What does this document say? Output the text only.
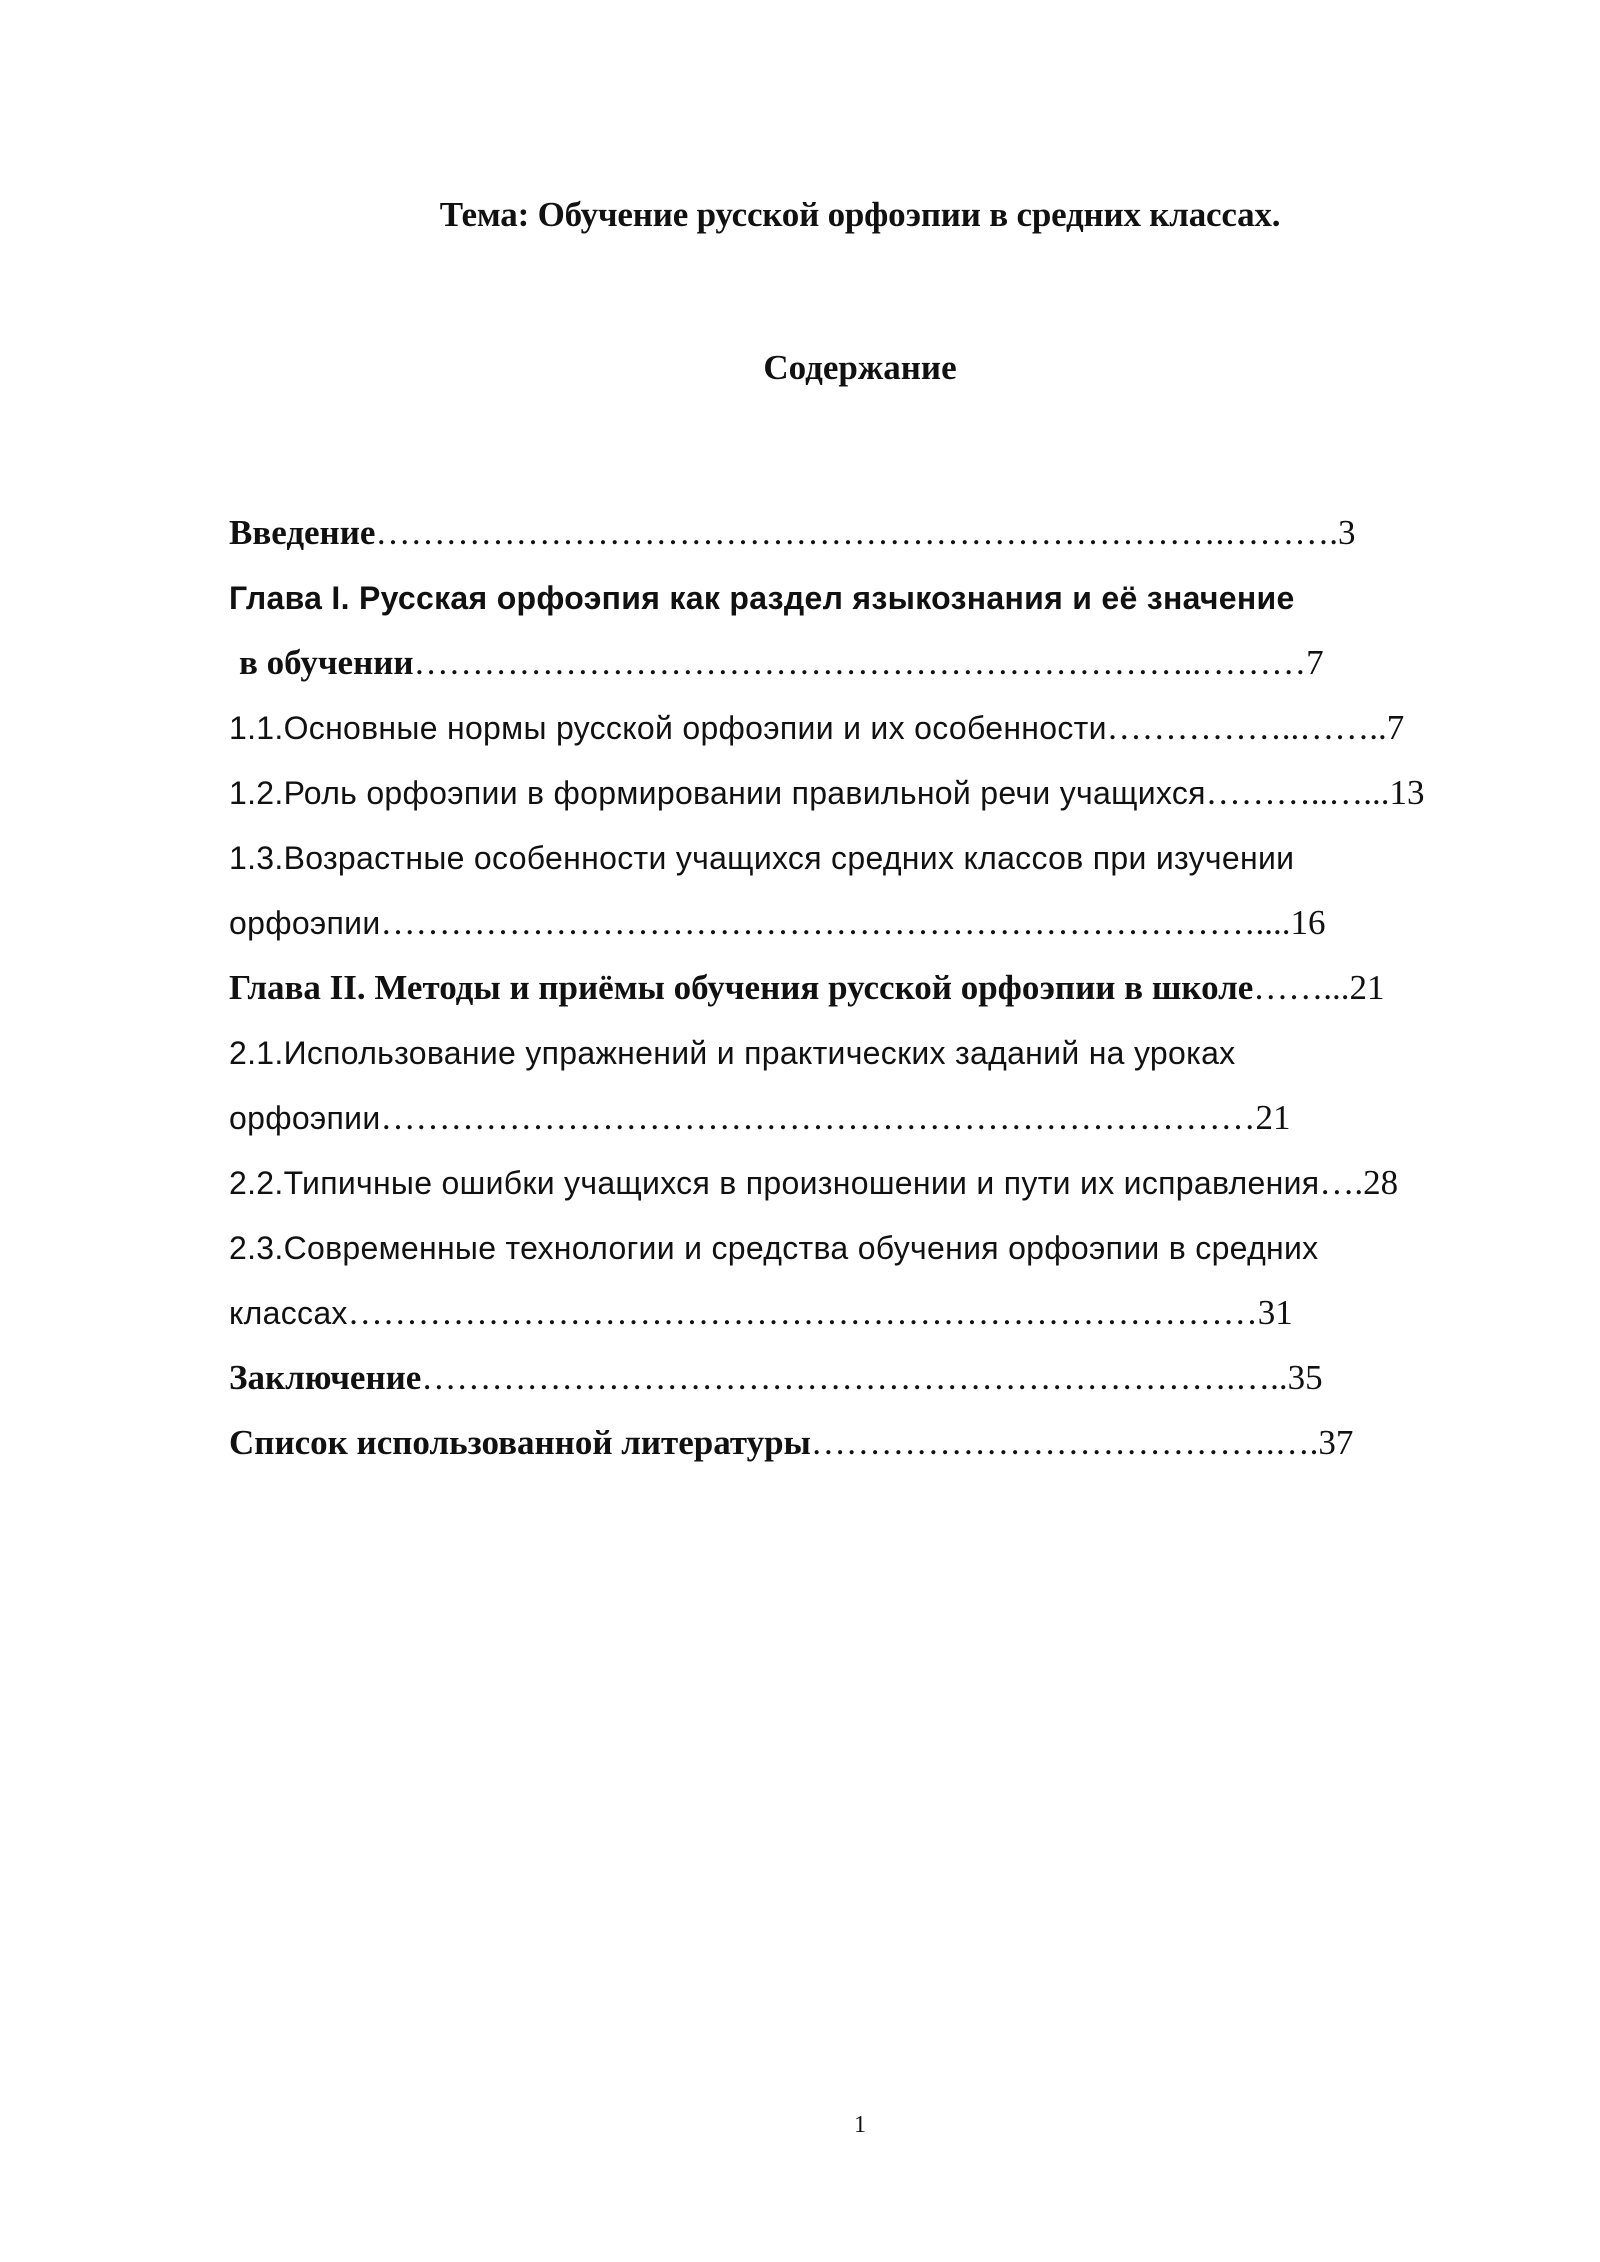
Тема: Обучение русской орфоэпии в средних классах.
Содержание
Введение……………………………………………………………….……….3
Глава I. Русская орфоэпия как раздел языкознания и её значение
в обучении…………………………………………………………..………7
1.1.Основные нормы русской орфоэпии и их особенности……………..……..7
1.2.Роль орфоэпии в формировании правильной речи учащихся………..…...13
1.3.Возрастные особенности учащихся средних классов при изучении
орфоэпии…………………………………………………………………....16
Глава II. Методы и приёмы обучения русской орфоэпии в школе……...21
2.1.Использование упражнений и практических заданий на уроках
орфоэпии…………………………………………………………………21
2.2.Типичные ошибки учащихся в произношении и пути их исправления….28
2.3.Современные технологии и средства обучения орфоэпии в средних
классах……………………………………………………………………31
Заключение…………………………………………………………….…..35
Список использованной литературы………………………………….….37
1
